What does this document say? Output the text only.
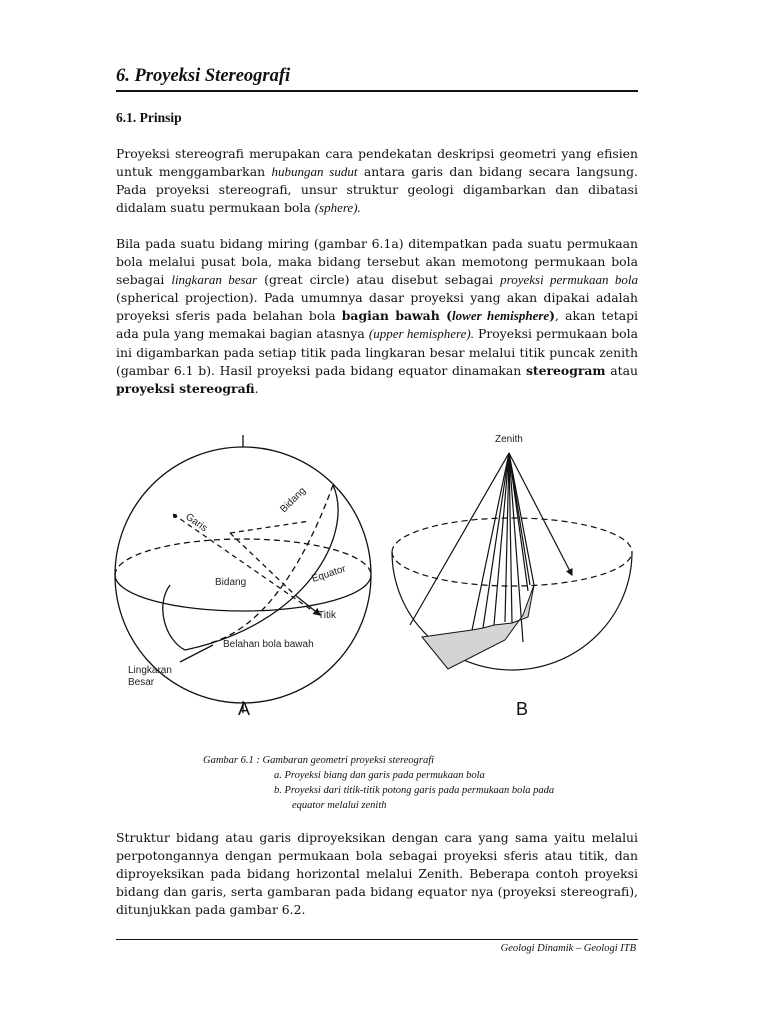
6. Proyeksi Stereografi
6.1. Prinsip
Proyeksi stereografi merupakan cara pendekatan deskripsi geometri yang efisien untuk menggambarkan hubungan sudut antara garis dan bidang secara langsung. Pada proyeksi stereografi, unsur struktur geologi digambarkan dan dibatasi didalam suatu permukaan bola (sphere).
Bila pada suatu bidang miring (gambar 6.1a) ditempatkan pada suatu permukaan bola melalui pusat bola, maka bidang tersebut akan memotong permukaan bola sebagai lingkaran besar (great circle) atau disebut sebagai proyeksi permukaan bola (spherical projection). Pada umumnya dasar proyeksi yang akan dipakai adalah proyeksi sferis pada belahan bola bagian bawah (lower hemisphere), akan tetapi ada pula yang memakai bagian atasnya (upper hemisphere). Proyeksi permukaan bola ini digambarkan pada setiap titik pada lingkaran besar melalui titik puncak zenith (gambar 6.1 b). Hasil proyeksi pada bidang equator dinamakan stereogram atau proyeksi stereografi.
Garis
Bidang
Bidang	Equator
Titik
Belahan bola bawah
Lingkaran
Besar
A
Zenith
B
Gambar 6.1 : Gambaran geometri proyeksi stereografi
a. Proyeksi biang dan garis pada permukaan bola
b. Proyeksi dari titik-titik potong garis pada permukaan bola pada
equator melalui zenith
Struktur bidang atau garis diproyeksikan dengan cara yang sama yaitu melalui perpotongannya dengan permukaan bola sebagai proyeksi sferis atau titik, dan diproyeksikan pada bidang horizontal melalui Zenith. Beberapa contoh proyeksi bidang dan garis, serta gambaran pada bidang equator nya (proyeksi stereografi), ditunjukkan pada gambar 6.2.
Geologi Dinamik – Geologi ITB
